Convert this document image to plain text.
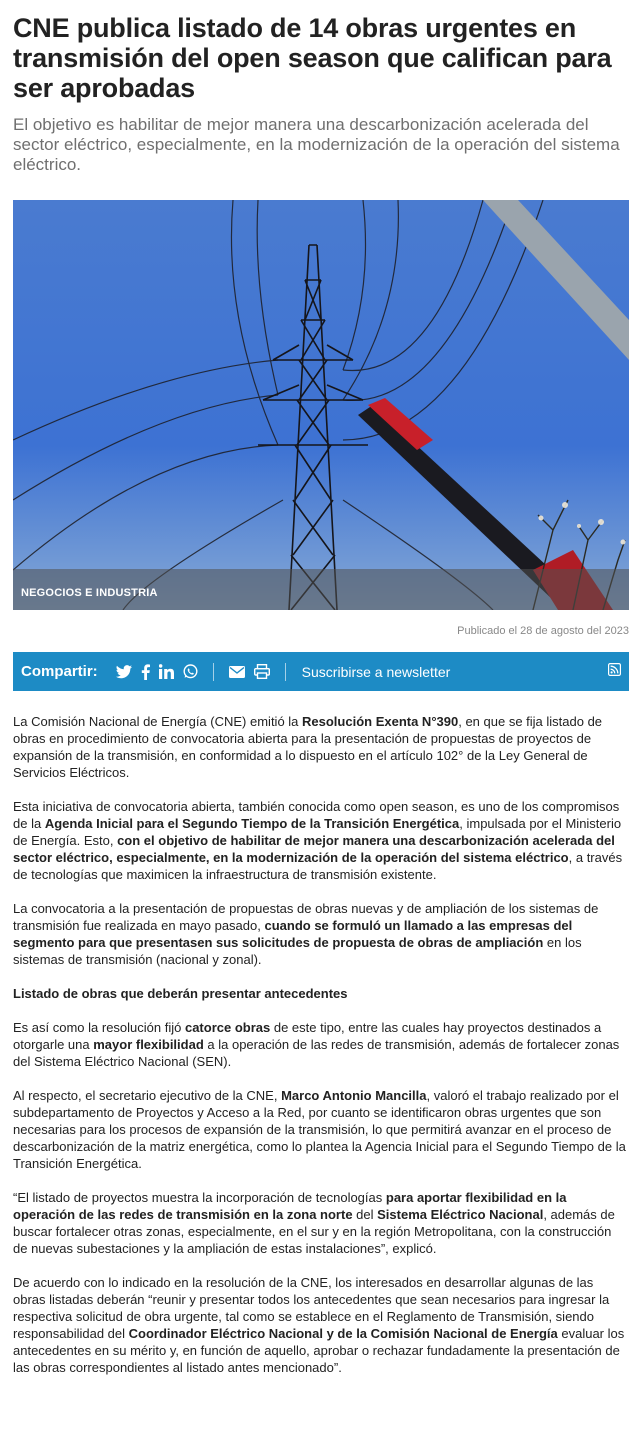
CNE publica listado de 14 obras urgentes en transmisión del open season que califican para ser aprobadas

El objetivo es habilitar de mejor manera una descarbonización acelerada del sector eléctrico, especialmente, en la modernización de la operación del sistema eléctrico.

NEGOCIOS E INDUSTRIA

Publicado el 28 de agosto del 2023

Compartir:	Suscribirse a newsletter

La Comisión Nacional de Energía (CNE) emitió la Resolución Exenta N°390, en que se fija listado de obras en procedimiento de convocatoria abierta para la presentación de propuestas de proyectos de expansión de la transmisión, en conformidad a lo dispuesto en el artículo 102° de la Ley General de Servicios Eléctricos.

Esta iniciativa de convocatoria abierta, también conocida como open season, es uno de los compromisos de la Agenda Inicial para el Segundo Tiempo de la Transición Energética, impulsada por el Ministerio de Energía. Esto, con el objetivo de habilitar de mejor manera una descarbonización acelerada del sector eléctrico, especialmente, en la modernización de la operación del sistema eléctrico, a través de tecnologías que maximicen la infraestructura de transmisión existente.

La convocatoria a la presentación de propuestas de obras nuevas y de ampliación de los sistemas de transmisión fue realizada en mayo pasado, cuando se formuló un llamado a las empresas del segmento para que presentasen sus solicitudes de propuesta de obras de ampliación en los sistemas de transmisión (nacional y zonal).

Listado de obras que deberán presentar antecedentes

Es así como la resolución fijó catorce obras de este tipo, entre las cuales hay proyectos destinados a otorgarle una mayor flexibilidad a la operación de las redes de transmisión, además de fortalecer zonas del Sistema Eléctrico Nacional (SEN).

Al respecto, el secretario ejecutivo de la CNE, Marco Antonio Mancilla, valoró el trabajo realizado por el subdepartamento de Proyectos y Acceso a la Red, por cuanto se identificaron obras urgentes que son necesarias para los procesos de expansión de la transmisión, lo que permitirá avanzar en el proceso de descarbonización de la matriz energética, como lo plantea la Agencia Inicial para el Segundo Tiempo de la Transición Energética.

“El listado de proyectos muestra la incorporación de tecnologías para aportar flexibilidad en la operación de las redes de transmisión en la zona norte del Sistema Eléctrico Nacional, además de buscar fortalecer otras zonas, especialmente, en el sur y en la región Metropolitana, con la construcción de nuevas subestaciones y la ampliación de estas instalaciones”, explicó.

De acuerdo con lo indicado en la resolución de la CNE, los interesados en desarrollar algunas de las obras listadas deberán “reunir y presentar todos los antecedentes que sean necesarios para ingresar la respectiva solicitud de obra urgente, tal como se establece en el Reglamento de Transmisión, siendo responsabilidad del Coordinador Eléctrico Nacional y de la Comisión Nacional de Energía evaluar los antecedentes en su mérito y, en función de aquello, aprobar o rechazar fundadamente la presentación de las obras correspondientes al listado antes mencionado”.
